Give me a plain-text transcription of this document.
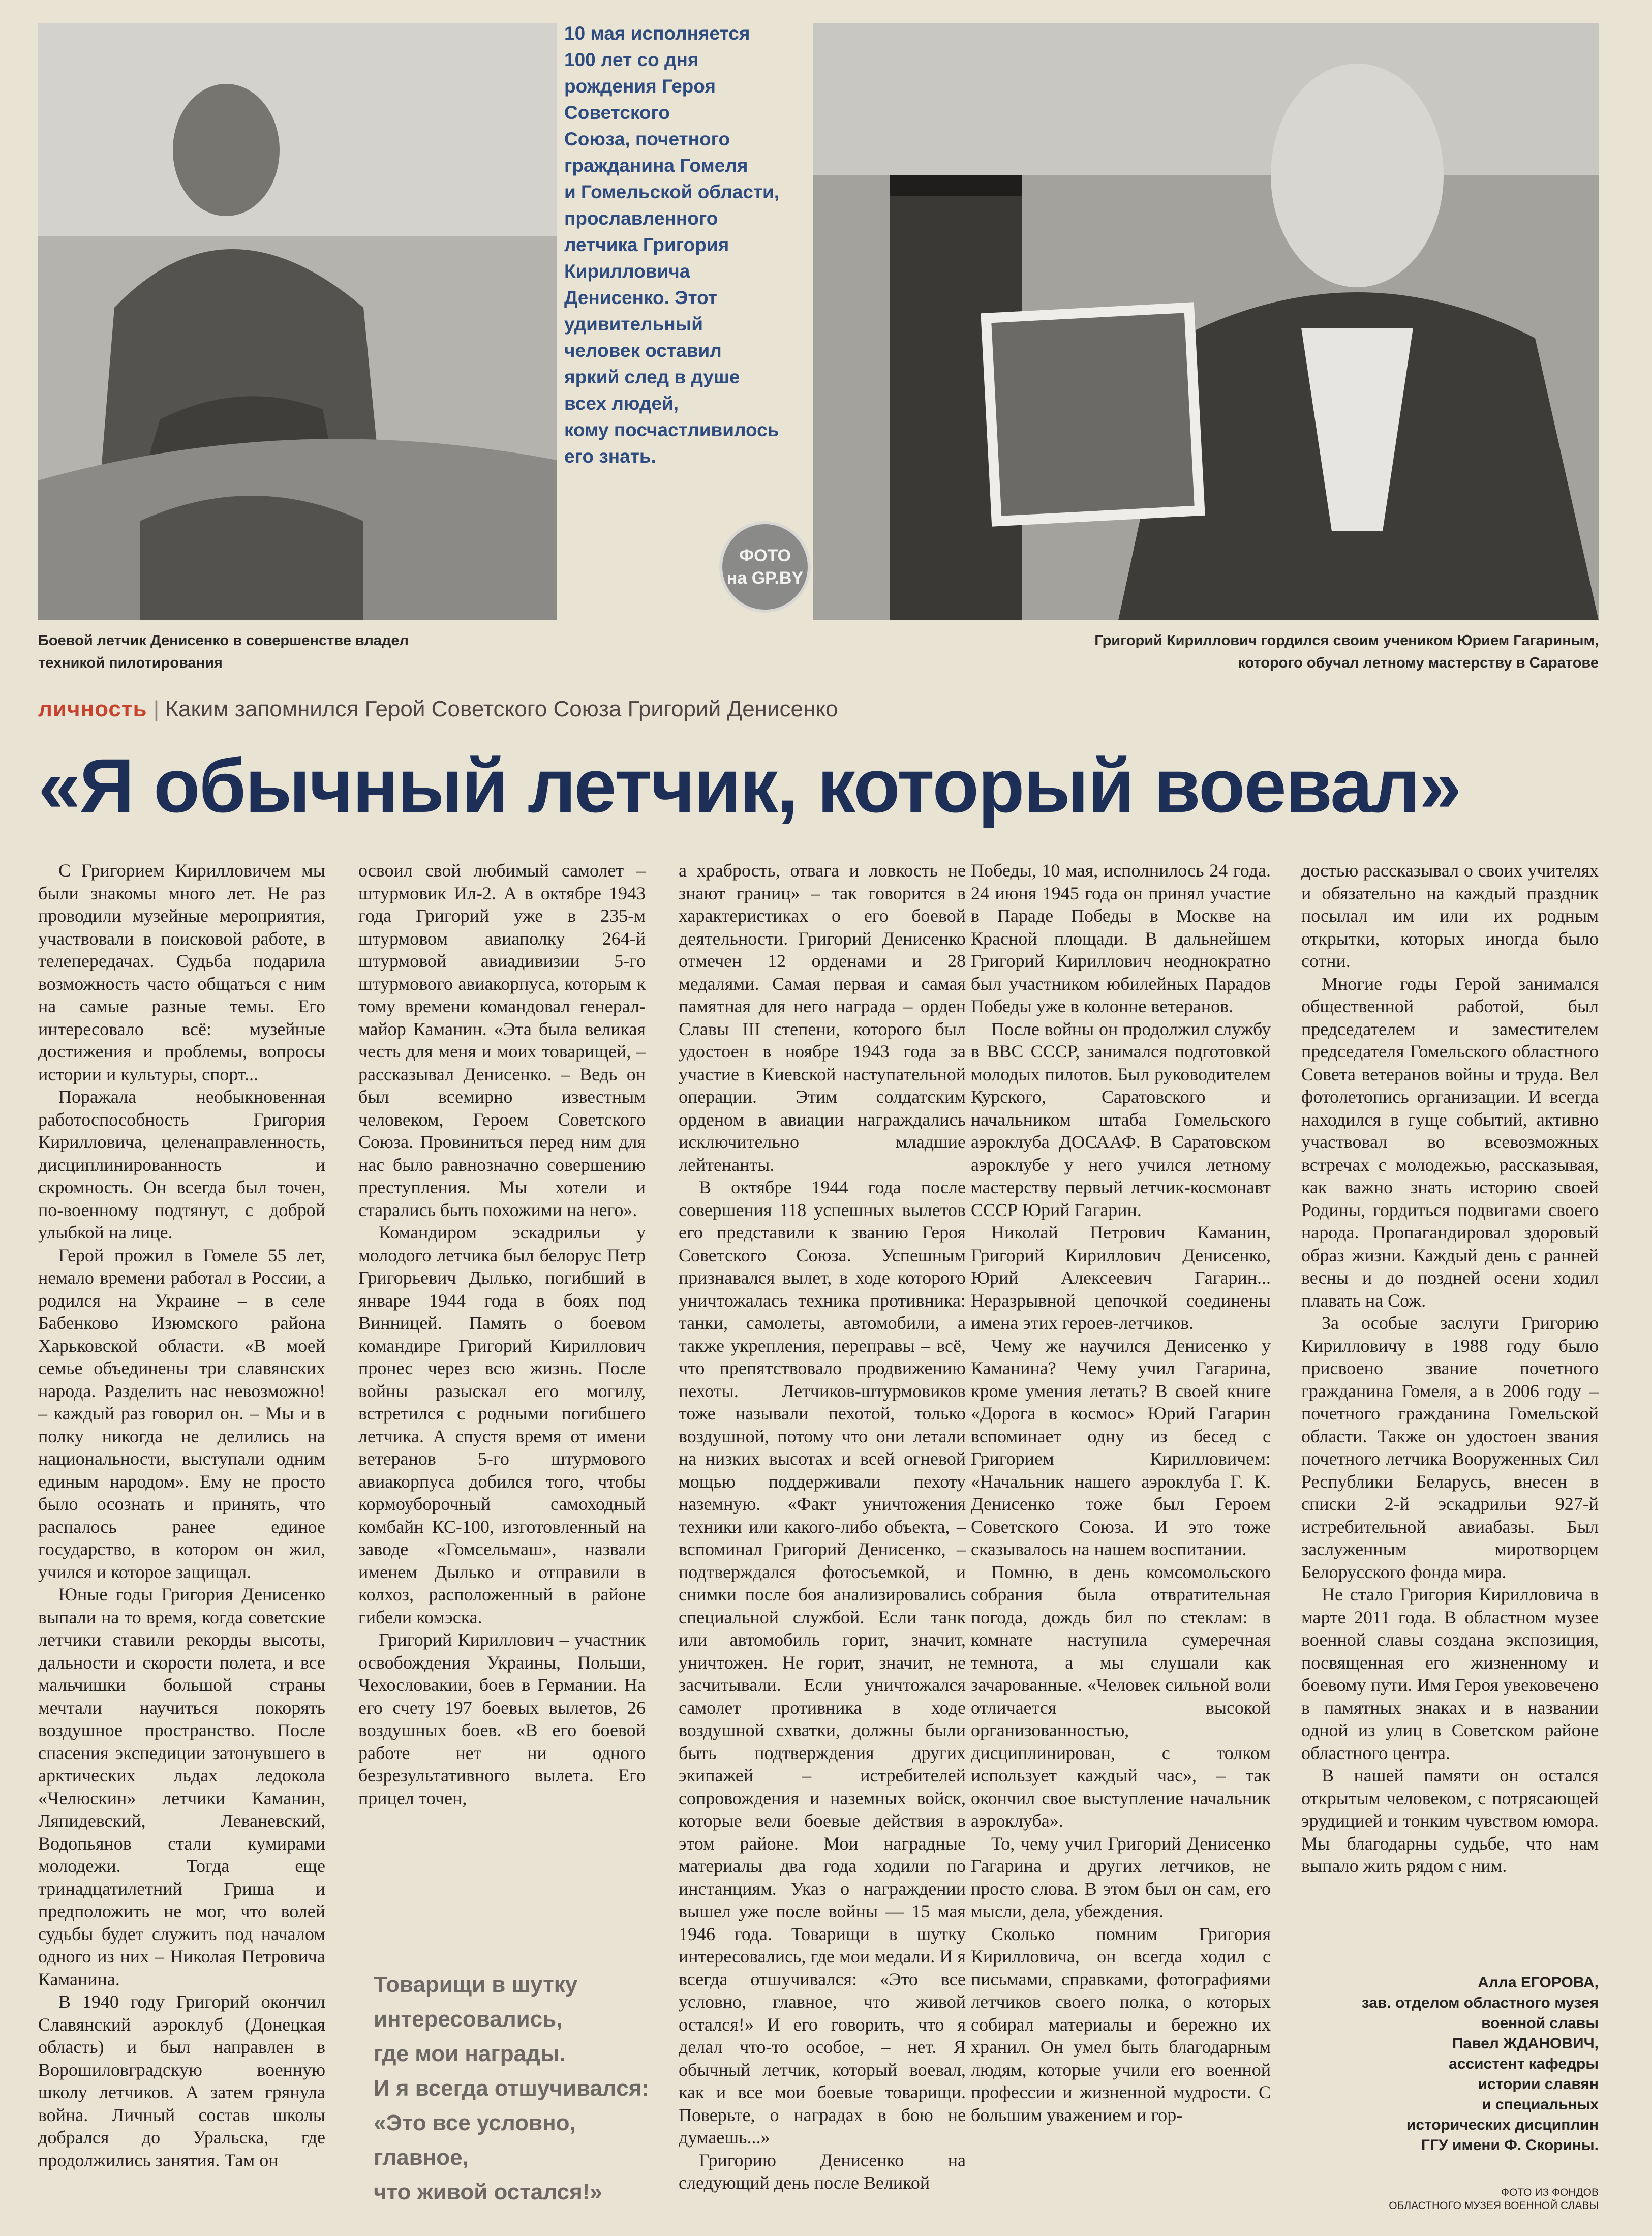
10 мая исполняется
100 лет со дня
рождения Героя
Советского
Союза, почетного
гражданина Гомеля
и Гомельской области,
прославленного
летчика Григория
Кирилловича
Денисенко. Этот
удивительный
человек оставил
яркий след в душе
всех людей,
кому посчастливилось
его знать.
ФОТО
на GP.BY
Боевой летчик Денисенко в совершенстве владел
техникой пилотирования
Григорий Кириллович гордился своим учеником Юрием Гагариным,
которого обучал летному мастерству в Саратове
личность | Каким запомнился Герой Советского Союза Григорий Денисенко
«Я обычный летчик, который воевал»

С Григорием Кирилловичем мы были знакомы много лет. Не раз проводили музейные мероприятия, участвовали в поисковой работе, в телепередачах. Судьба подарила возможность часто общаться с ним на самые разные темы. Его интересовало всё: музейные достижения и проблемы, вопросы истории и культуры, спорт...

Поражала необыкновенная работоспособность Григория Кирилловича, целенаправленность, дисциплинированность и скромность. Он всегда был точен, по-военному подтянут, с доброй улыбкой на лице.

Герой прожил в Гомеле 55 лет, немало времени работал в России, а родился на Украине – в селе Бабенково Изюмского района Харьковской области. «В моей семье объединены три славянских народа. Разделить нас невозможно! – каждый раз говорил он. – Мы и в полку никогда не делились на национальности, выступали одним единым народом». Ему не просто было осознать и принять, что распалось ранее единое государство, в котором он жил, учился и которое защищал.

Юные годы Григория Денисенко выпали на то время, когда советские летчики ставили рекорды высоты, дальности и скорости полета, и все мальчишки большой страны мечтали научиться покорять воздушное пространство. После спасения экспедиции затонувшего в арктических льдах ледокола «Челюскин» летчики Каманин, Ляпидевский, Леваневский, Водопьянов стали кумирами молодежи. Тогда еще тринадцатилетний Гриша и предположить не мог, что волей судьбы будет служить под началом одного из них – Николая Петровича Каманина.

В 1940 году Григорий окончил Славянский аэроклуб (Донецкая область) и был направлен в Ворошиловградскую военную школу летчиков. А затем грянула война. Личный состав школы добрался до Уральска, где продолжились занятия. Там он

освоил свой любимый самолет – штурмовик Ил-2. А в октябре 1943 года Григорий уже в 235-м штурмовом авиаполку 264-й штурмовой авиадивизии 5-го штурмового авиакорпуса, которым к тому времени командовал генерал-майор Каманин. «Эта была великая честь для меня и моих товарищей, – рассказывал Денисенко. – Ведь он был всемирно известным человеком, Героем Советского Союза. Провиниться перед ним для нас было равнозначно совершению преступления. Мы хотели и старались быть похожими на него».

Командиром эскадрильи у молодого летчика был белорус Петр Григорьевич Дылько, погибший в январе 1944 года в боях под Винницей. Память о боевом командире Григорий Кириллович пронес через всю жизнь. После войны разыскал его могилу, встретился с родными погибшего летчика. А спустя время от имени ветеранов 5-го штурмового авиакорпуса добился того, чтобы кормоуборочный самоходный комбайн КС-100, изготовленный на заводе «Гомсельмаш», назвали именем Дылько и отправили в колхоз, расположенный в районе гибели комэска.

Григорий Кириллович – участник освобождения Украины, Польши, Чехословакии, боев в Германии. На его счету 197 боевых вылетов, 26 воздушных боев. «В его боевой работе нет ни одного безрезультативного вылета. Его прицел точен,

а храбрость, отвага и ловкость не знают границ» – так говорится в характеристиках о его боевой деятельности. Григорий Денисенко отмечен 12 орденами и 28 медалями. Самая первая и самая памятная для него награда – орден Славы III степени, которого был удостоен в ноябре 1943 года за участие в Киевской наступательной операции. Этим солдатским орденом в авиации награждались исключительно младшие лейтенанты.

В октябре 1944 года после совершения 118 успешных вылетов его представили к званию Героя Советского Союза. Успешным признавался вылет, в ходе которого уничтожалась техника противника: танки, самолеты, автомобили, а также укрепления, переправы – всё, что препятствовало продвижению пехоты. Летчиков-штурмовиков тоже называли пехотой, только воздушной, потому что они летали на низких высотах и всей огневой мощью поддерживали пехоту наземную. «Факт уничтожения техники или какого-либо объекта, – вспоминал Григорий Денисенко, – подтверждался фотосъемкой, и снимки после боя анализировались специальной службой. Если танк или автомобиль горит, значит, уничтожен. Не горит, значит, не засчитывали. Если уничтожался самолет противника в ходе воздушной схватки, должны были быть подтверждения других экипажей – истребителей сопровождения и наземных войск, которые вели боевые действия в этом районе. Мои наградные материалы два года ходили по инстанциям. Указ о награждении вышел уже после войны — 15 мая 1946 года. Товарищи в шутку интересовались, где мои медали. И я всегда отшучивался: «Это все условно, главное, что живой остался!» И его говорить, что я делал что-то особое, – нет. Я обычный летчик, который воевал, как и все мои боевые товарищи. Поверьте, о наградах в бою не думаешь...»

Григорию Денисенко на следующий день после Великой

Победы, 10 мая, исполнилось 24 года. 24 июня 1945 года он принял участие в Параде Победы в Москве на Красной площади. В дальнейшем Григорий Кириллович неоднократно был участником юбилейных Парадов Победы уже в колонне ветеранов.

После войны он продолжил службу в ВВС СССР, занимался подготовкой молодых пилотов. Был руководителем Курского, Саратовского и начальником штаба Гомельского аэроклуба ДОСААФ. В Саратовском аэроклубе у него учился летному мастерству первый летчик-космонавт СССР Юрий Гагарин.

Николай Петрович Каманин, Григорий Кириллович Денисенко, Юрий Алексеевич Гагарин... Неразрывной цепочкой соединены имена этих героев-летчиков.

Чему же научился Денисенко у Каманина? Чему учил Гагарина, кроме умения летать? В своей книге «Дорога в космос» Юрий Гагарин вспоминает одну из бесед с Григорием Кирилловичем: «Начальник нашего аэроклуба Г. К. Денисенко тоже был Героем Советского Союза. И это тоже сказывалось на нашем воспитании.

Помню, в день комсомольского собрания была отвратительная погода, дождь бил по стеклам: в комнате наступила сумеречная темнота, а мы слушали как зачарованные. «Человек сильной воли отличается высокой организованностью, дисциплинирован, с толком использует каждый час», – так окончил свое выступление начальник аэроклуба».

То, чему учил Григорий Денисенко Гагарина и других летчиков, не просто слова. В этом был он сам, его мысли, дела, убеждения.

Сколько помним Григория Кирилловича, он всегда ходил с письмами, справками, фотографиями летчиков своего полка, о которых собирал материалы и бережно их хранил. Он умел быть благодарным людям, которые учили его военной профессии и жизненной мудрости. С большим уважением и гор-

достью рассказывал о своих учителях и обязательно на каждый праздник посылал им или их родным открытки, которых иногда было сотни.

Многие годы Герой занимался общественной работой, был председателем и заместителем председателя Гомельского областного Совета ветеранов войны и труда. Вел фотолетопись организации. И всегда находился в гуще событий, активно участвовал во всевозможных встречах с молодежью, рассказывая, как важно знать историю своей Родины, гордиться подвигами своего народа. Пропагандировал здоровый образ жизни. Каждый день с ранней весны и до поздней осени ходил плавать на Сож.

За особые заслуги Григорию Кирилловичу в 1988 году было присвоено звание почетного гражданина Гомеля, а в 2006 году – почетного гражданина Гомельской области. Также он удостоен звания почетного летчика Вооруженных Сил Республики Беларусь, внесен в списки 2-й эскадрильи 927-й истребительной авиабазы. Был заслуженным миротворцем Белорусского фонда мира.

Не стало Григория Кирилловича в марте 2011 года. В областном музее военной славы создана экспозиция, посвященная его жизненному и боевому пути. Имя Героя увековечено в памятных знаках и в названии одной из улиц в Советском районе областного центра.

В нашей памяти он остался открытым человеком, с потрясающей эрудицией и тонким чувством юмора. Мы благодарны судьбе, что нам выпало жить рядом с ним.

Товарищи в шутку
интересовались,
где мои награды.
И я всегда отшучивался:
«Это все условно, главное,
что живой остался!»
Алла ЕГОРОВА,
зав. отделом областного музея
военной славы
Павел ЖДАНОВИЧ,
ассистент кафедры
истории славян
и специальных
исторических дисциплин
ГГУ имени Ф. Скорины.
ФОТО ИЗ ФОНДОВ
ОБЛАСТНОГО МУЗЕЯ ВОЕННОЙ СЛАВЫ
